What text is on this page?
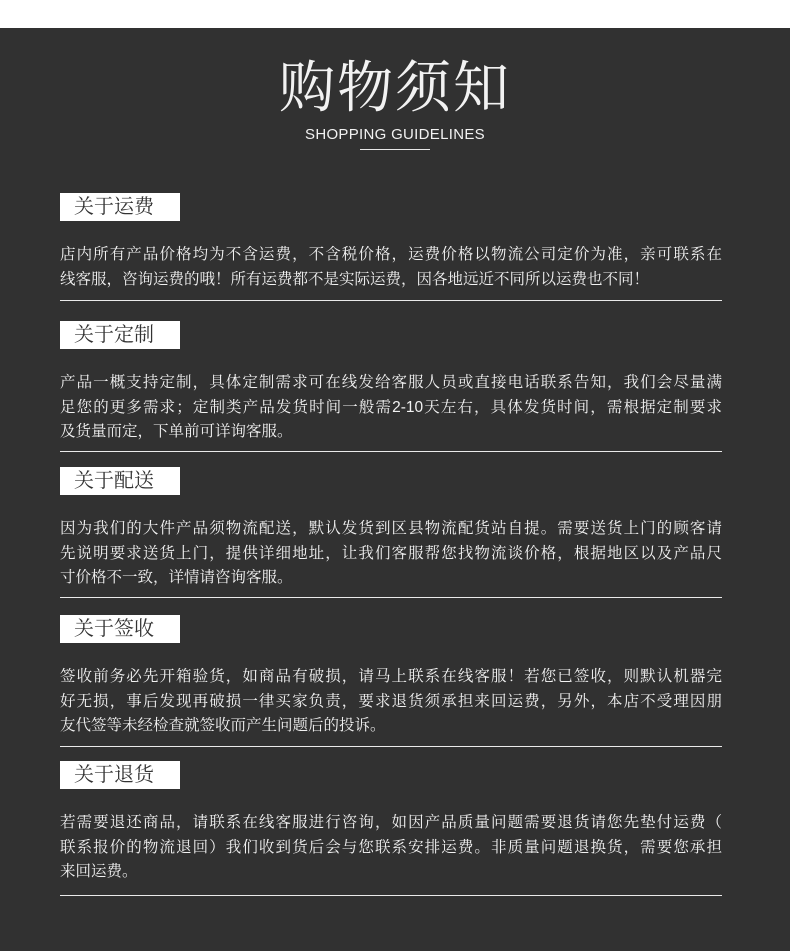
购物须知
SHOPPING GUIDELINES
关于运费
店内所有产品价格均为不含运费，不含税价格，运费价格以物流公司定价为准，亲可联系在
线客服，咨询运费的哦！所有运费都不是实际运费，因各地远近不同所以运费也不同！
关于定制
产品一概支持定制，具体定制需求可在线发给客服人员或直接电话联系告知，我们会尽量满
足您的更多需求；定制类产品发货时间一般需2-10天左右，具体发货时间，需根据定制要求
及货量而定，下单前可详询客服。
关于配送
因为我们的大件产品须物流配送，默认发货到区县物流配货站自提。需要送货上门的顾客请
先说明要求送货上门，提供详细地址，让我们客服帮您找物流谈价格，根据地区以及产品尺
寸价格不一致，详情请咨询客服。
关于签收
签收前务必先开箱验货，如商品有破损，请马上联系在线客服！若您已签收，则默认机器完
好无损，事后发现再破损一律买家负责，要求退货须承担来回运费，另外，本店不受理因朋
友代签等未经检查就签收而产生问题后的投诉。
关于退货
若需要退还商品，请联系在线客服进行咨询，如因产品质量问题需要退货请您先垫付运费（
联系报价的物流退回）我们收到货后会与您联系安排运费。非质量问题退换货，需要您承担
来回运费。
